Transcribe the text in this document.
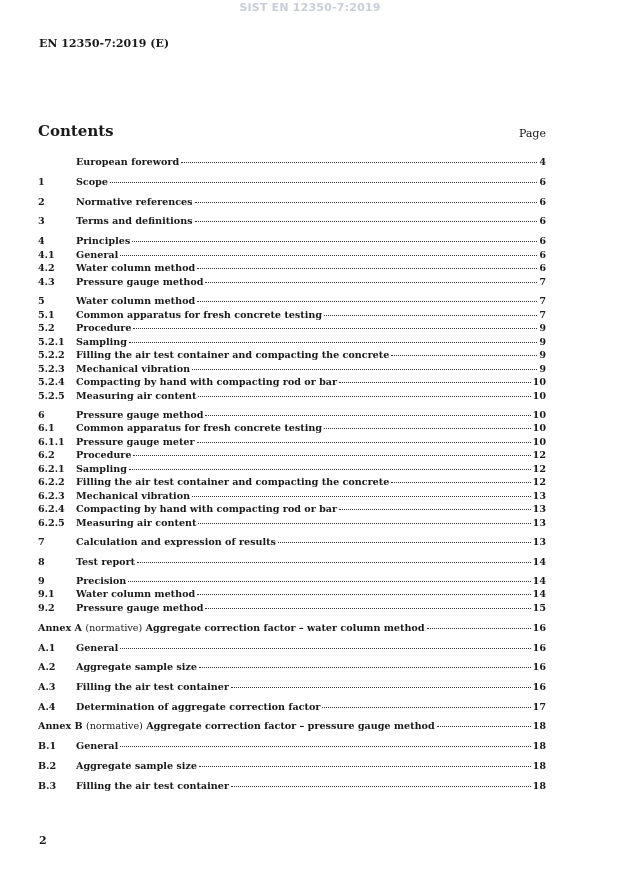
SIST EN 12350-7:2019
EN 12350-7:2019 (E)
Contents	Page
European foreword	4
1	Scope	6
2	Normative references	6
3	Terms and definitions	6
4	Principles	6
4.1	General	6
4.2	Water column method	6
4.3	Pressure gauge method	7
5	Water column method	7
5.1	Common apparatus for fresh concrete testing	7
5.2	Procedure	9
5.2.1	Sampling	9
5.2.2	Filling the air test container and compacting the concrete	9
5.2.3	Mechanical vibration	9
5.2.4	Compacting by hand with compacting rod or bar	10
5.2.5	Measuring air content	10
6	Pressure gauge method	10
6.1	Common apparatus for fresh concrete testing	10
6.1.1	Pressure gauge meter	10
6.2	Procedure	12
6.2.1	Sampling	12
6.2.2	Filling the air test container and compacting the concrete	12
6.2.3	Mechanical vibration	13
6.2.4	Compacting by hand with compacting rod or bar	13
6.2.5	Measuring air content	13
7	Calculation and expression of results	13
8	Test report	14
9	Precision	14
9.1	Water column method	14
9.2	Pressure gauge method	15
Annex A (normative) Aggregate correction factor – water column method	16
A.1	General	16
A.2	Aggregate sample size	16
A.3	Filling the air test container	16
A.4	Determination of aggregate correction factor	17
Annex B (normative) Aggregate correction factor – pressure gauge method	18
B.1	General	18
B.2	Aggregate sample size	18
B.3	Filling the air test container	18
2
